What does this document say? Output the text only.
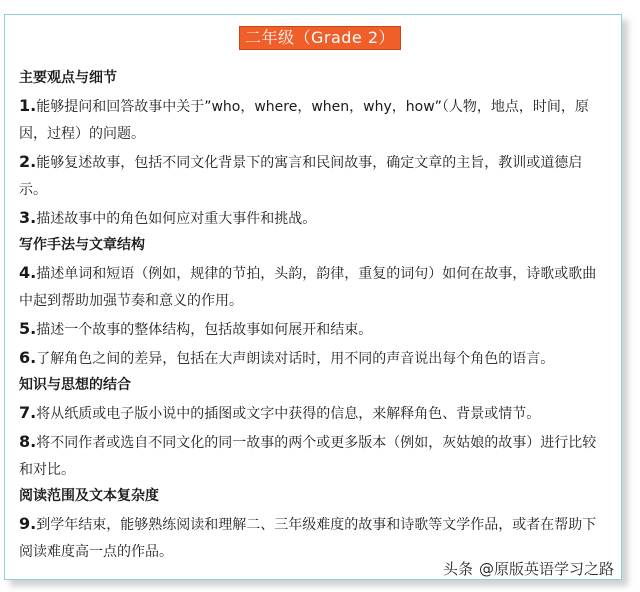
二年级（Grade 2）

主要观点与细节

1.能够提问和回答故事中关于”who，where，when，why，how”（人物，地点，时间，原

因，过程）的问题。

2.能够复述故事，包括不同文化背景下的寓言和民间故事，确定文章的主旨，教训或道德启

示。

3.描述故事中的角色如何应对重大事件和挑战。

写作手法与文章结构

4.描述单词和短语（例如，规律的节拍，头韵，韵律，重复的词句）如何在故事，诗歌或歌曲

中起到帮助加强节奏和意义的作用。

5.描述一个故事的整体结构，包括故事如何展开和结束。

6.了解角色之间的差异，包括在大声朗读对话时，用不同的声音说出每个角色的语言。

知识与思想的结合

7.将从纸质或电子版小说中的插图或文字中获得的信息，来解释角色、背景或情节。

8.将不同作者或选自不同文化的同一故事的两个或更多版本（例如，灰姑娘的故事）进行比较

和对比。

阅读范围及文本复杂度

9.到学年结束，能够熟练阅读和理解二、三年级难度的故事和诗歌等文学作品，或者在帮助下

阅读难度高一点的作品。

头条 @原版英语学习之路
